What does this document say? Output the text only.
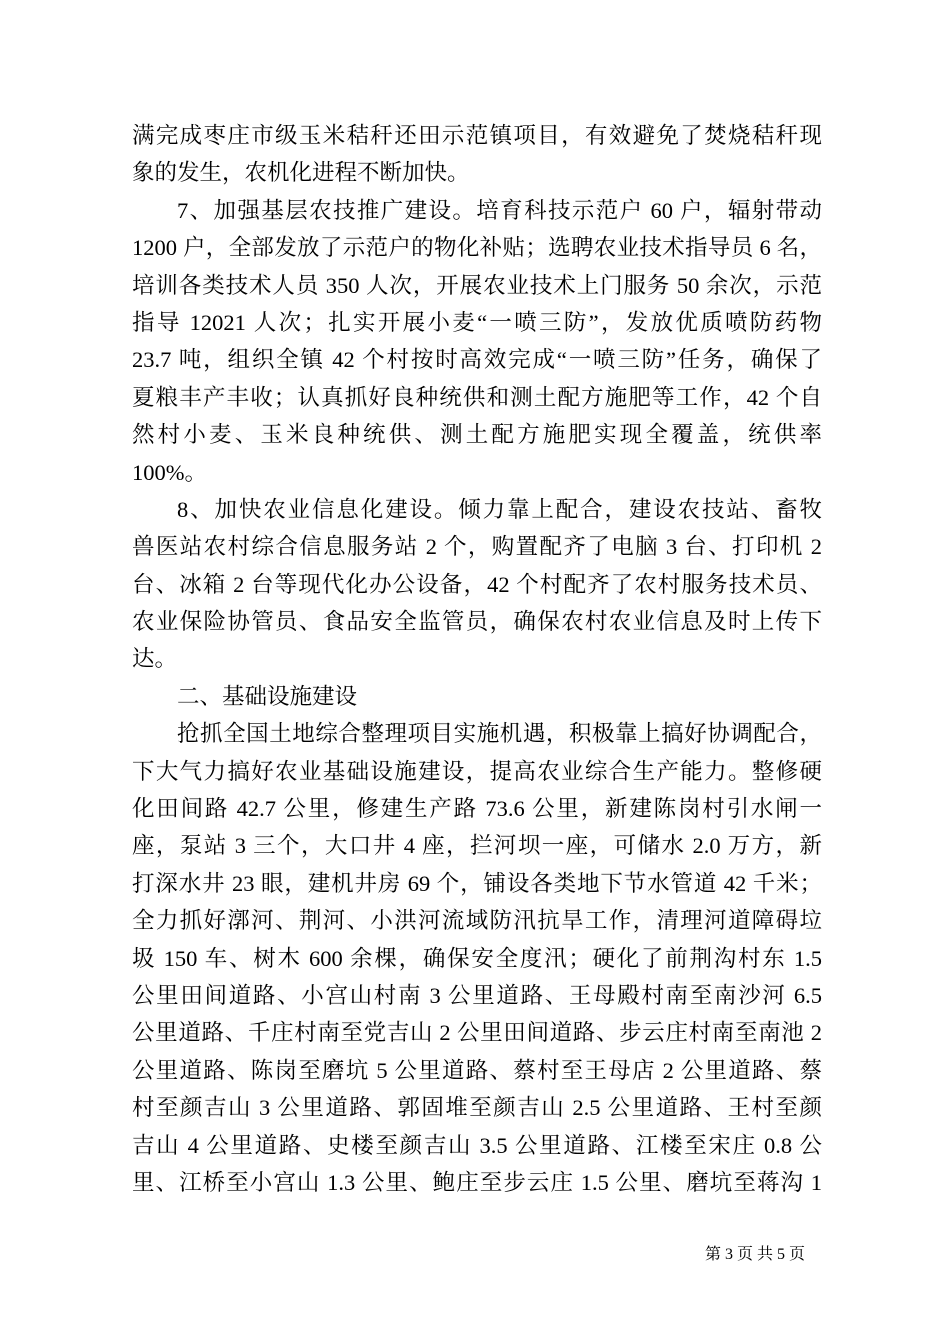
满完成枣庄市级玉米秸秆还田示范镇项目，有效避免了焚烧秸秆现
象的发生，农机化进程不断加快。
7、加强基层农技推广建设。培育科技示范户 60 户，辐射带动
1200 户，全部发放了示范户的物化补贴；选聘农业技术指导员 6 名，
培训各类技术人员 350 人次，开展农业技术上门服务 50 余次，示范
指导 12021 人次；扎实开展小麦“一喷三防”，发放优质喷防药物
23.7 吨，组织全镇 42 个村按时高效完成“一喷三防”任务，确保了
夏粮丰产丰收；认真抓好良种统供和测土配方施肥等工作，42 个自
然村小麦、玉米良种统供、测土配方施肥实现全覆盖，统供率
100%。
8、加快农业信息化建设。倾力靠上配合，建设农技站、畜牧
兽医站农村综合信息服务站 2 个，购置配齐了电脑 3 台、打印机 2
台、冰箱 2 台等现代化办公设备，42 个村配齐了农村服务技术员、
农业保险协管员、食品安全监管员，确保农村农业信息及时上传下
达。
二、基础设施建设
抢抓全国土地综合整理项目实施机遇，积极靠上搞好协调配合，
下大气力搞好农业基础设施建设，提高农业综合生产能力。整修硬
化田间路 42.7 公里，修建生产路 73.6 公里，新建陈岗村引水闸一
座，泵站 3 三个，大口井 4 座，拦河坝一座，可储水 2.0 万方，新
打深水井 23 眼，建机井房 69 个，铺设各类地下节水管道 42 千米；
全力抓好漷河、荆河、小洪河流域防汛抗旱工作，清理河道障碍垃
圾 150 车、树木 600 余棵，确保安全度汛；硬化了前荆沟村东 1.5
公里田间道路、小宫山村南 3 公里道路、王母殿村南至南沙河 6.5
公里道路、千庄村南至党吉山 2 公里田间道路、步云庄村南至南池 2
公里道路、陈岗至磨坑 5 公里道路、蔡村至王母店 2 公里道路、蔡
村至颜吉山 3 公里道路、郭固堆至颜吉山 2.5 公里道路、王村至颜
吉山 4 公里道路、史楼至颜吉山 3.5 公里道路、江楼至宋庄 0.8 公
里、江桥至小宫山 1.3 公里、鲍庄至步云庄 1.5 公里、磨坑至蒋沟 1
第 3 页 共 5 页
